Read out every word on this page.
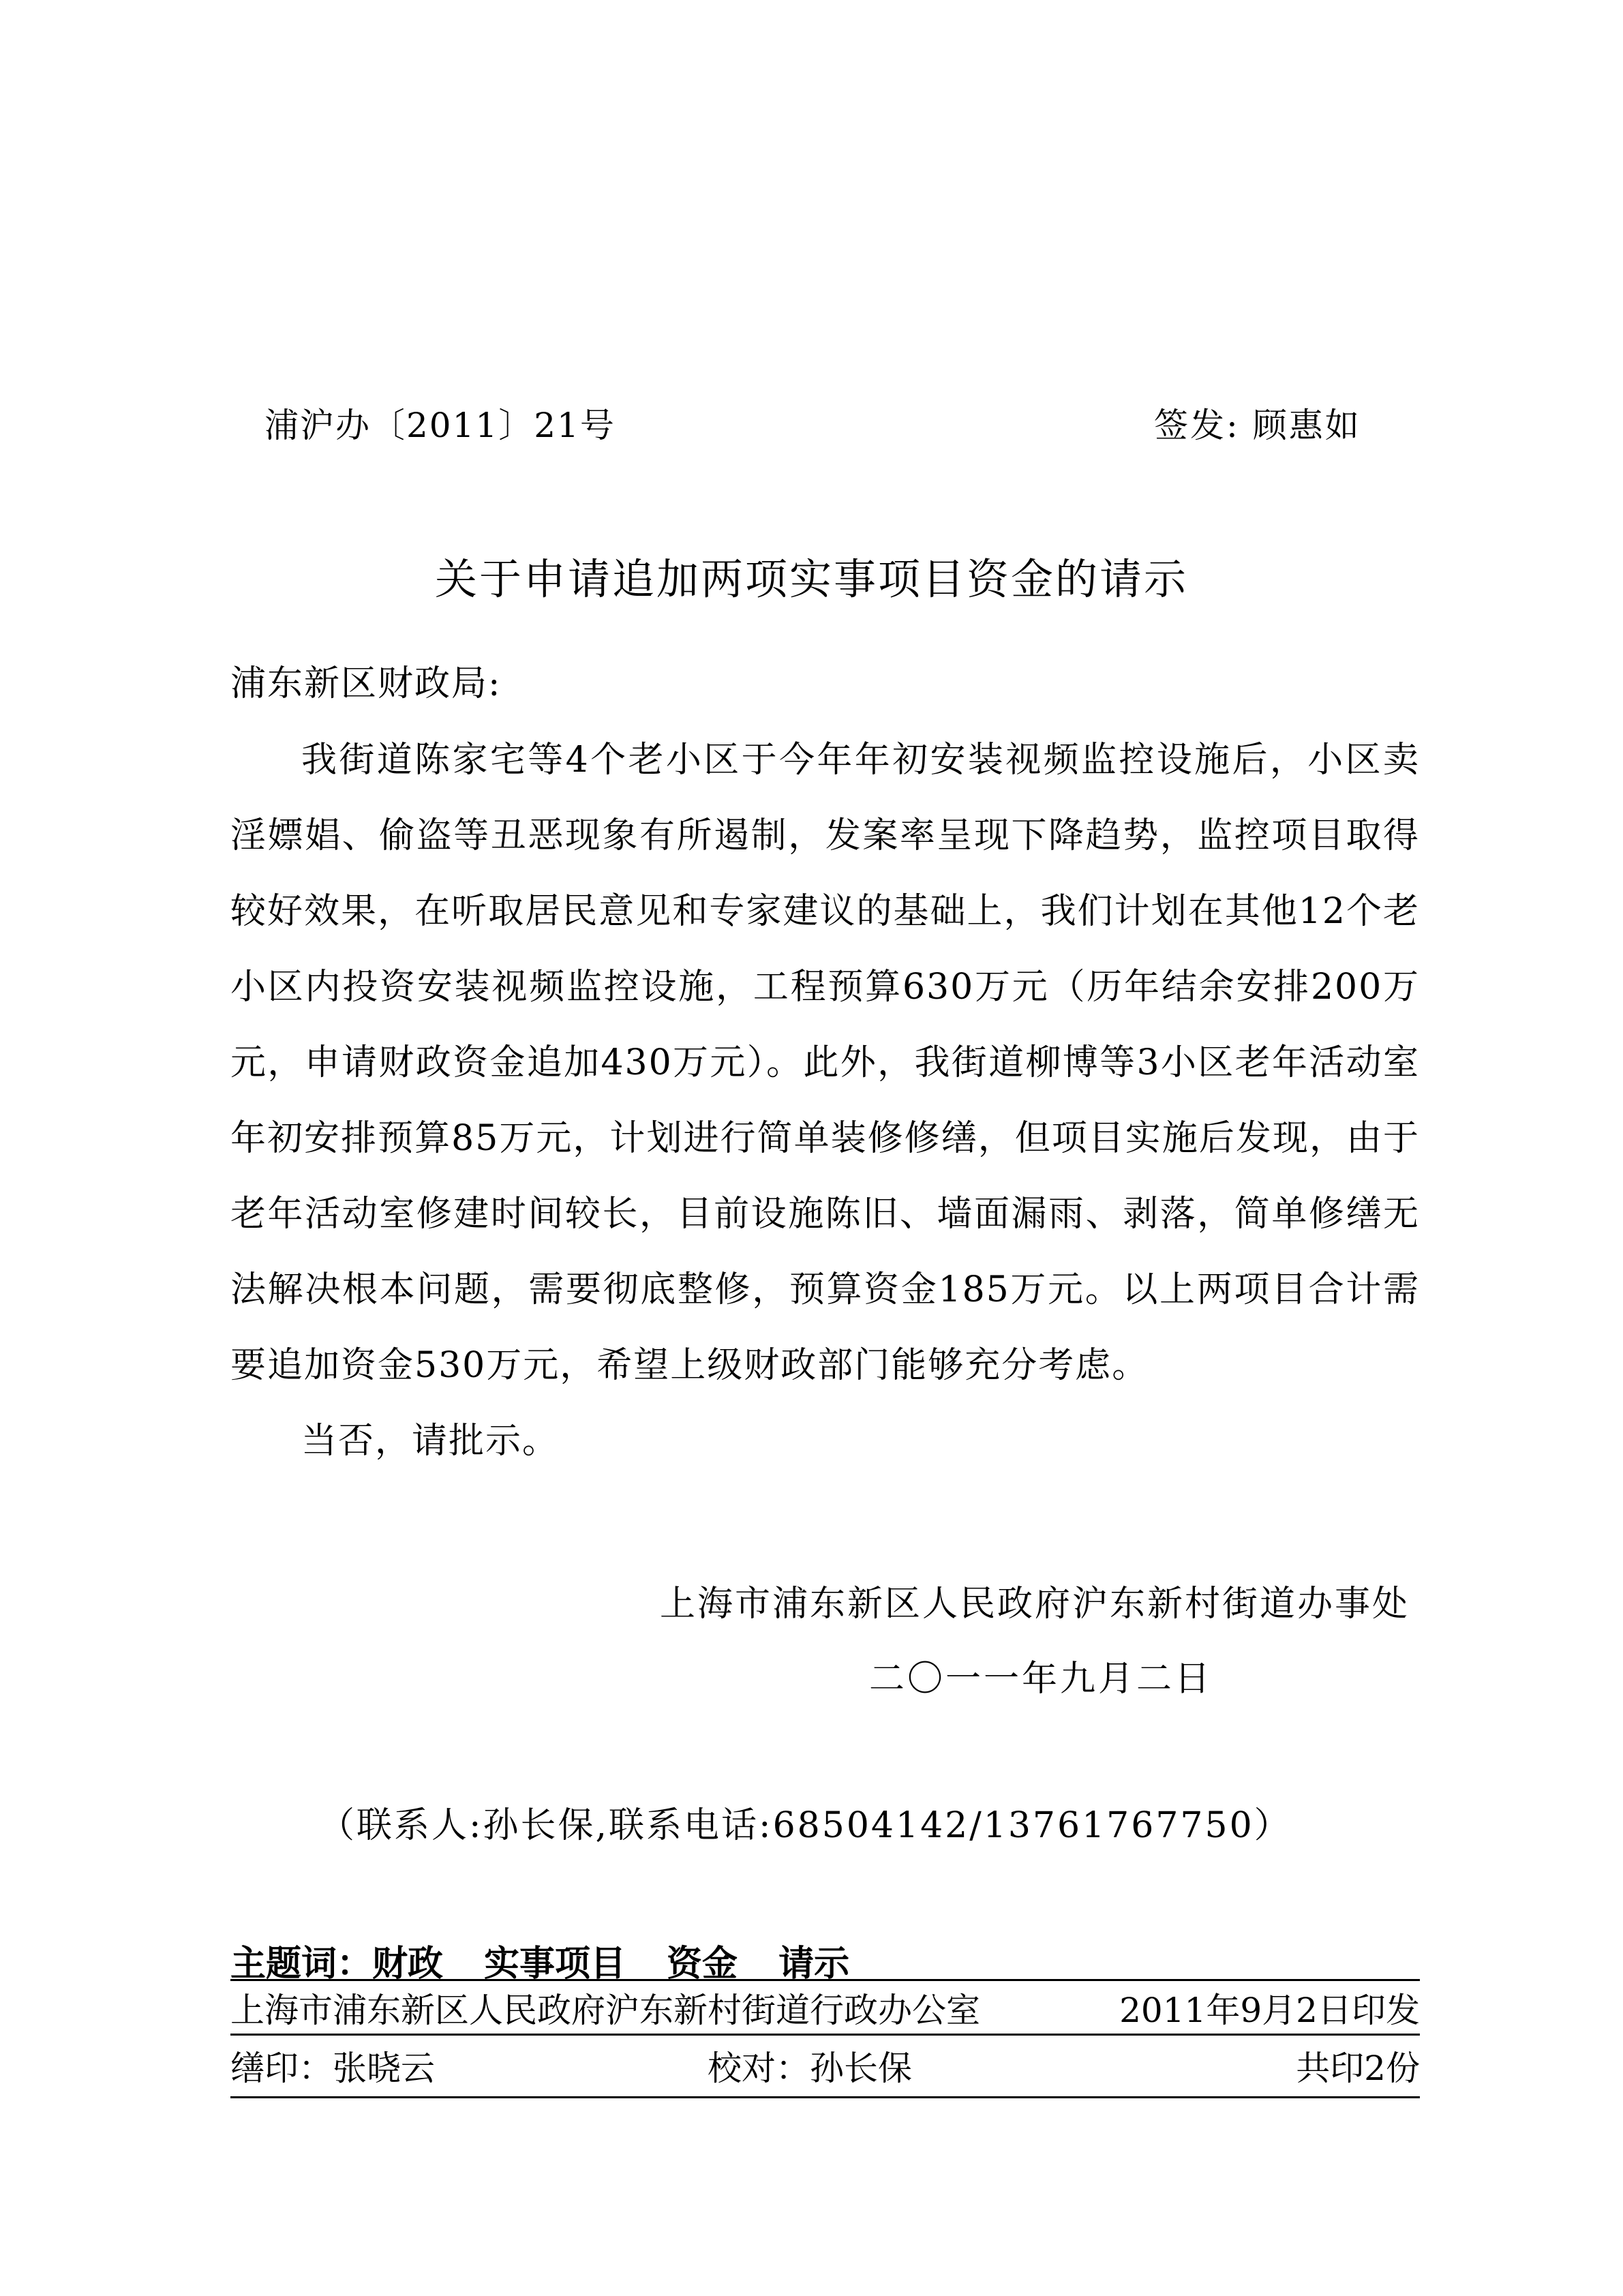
浦沪办〔2011〕21号	签发: 顾惠如
关于申请追加两项实事项目资金的请示
浦东新区财政局:

我街道陈家宅等4个老小区于今年年初安装视频监控设施后，小区卖淫嫖娼、偷盗等丑恶现象有所遏制，发案率呈现下降趋势，监控项目取得较好效果，在听取居民意见和专家建议的基础上，我们计划在其他12个老小区内投资安装视频监控设施，工程预算630万元（历年结余安排200万元，申请财政资金追加430万元）。此外，我街道柳博等3小区老年活动室年初安排预算85万元，计划进行简单装修修缮，但项目实施后发现，由于老年活动室修建时间较长，目前设施陈旧、墙面漏雨、剥落，简单修缮无法解决根本问题，需要彻底整修，预算资金185万元。以上两项目合计需要追加资金530万元，希望上级财政部门能够充分考虑。

当否，请批示。

上海市浦东新区人民政府沪东新村街道办事处
二〇一一年九月二日
（联系人:孙长保,联系电话:68504142/13761767750）
主题词：财政 实事项目 资金 请示
上海市浦东新区人民政府沪东新村街道行政办公室	2011年9月2日印发
缮印：张晓云	校对：孙长保	共印2份
